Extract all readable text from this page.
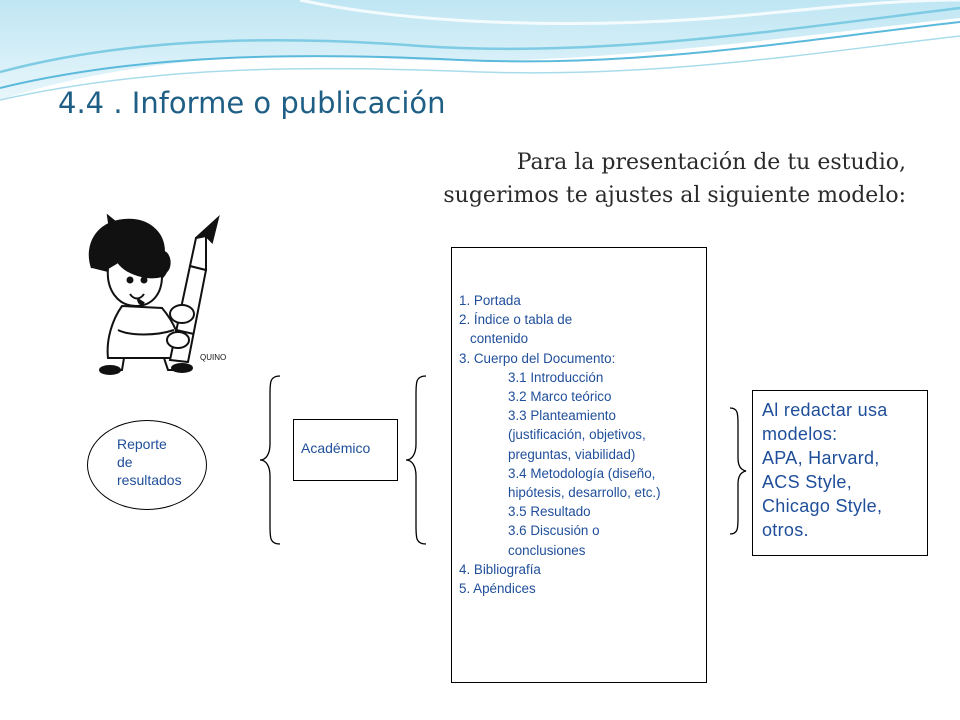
4.4 . Informe o publicación
Para la presentación de tu estudio,
sugerimos te ajustes al siguiente modelo:
QUINO
Reporte
de
resultados
Académico
1. Portada
2. Índice o tabla de
contenido
3. Cuerpo del Documento:
3.1 Introducción
3.2 Marco teórico
3.3 Planteamiento
(justificación, objetivos,
preguntas, viabilidad)
3.4 Metodología (diseño,
hipótesis, desarrollo, etc.)
3.5 Resultado
3.6 Discusión o
conclusiones
4. Bibliografía
5. Apéndices
Al redactar usa
modelos:
APA, Harvard,
ACS Style,
Chicago Style,
otros.
